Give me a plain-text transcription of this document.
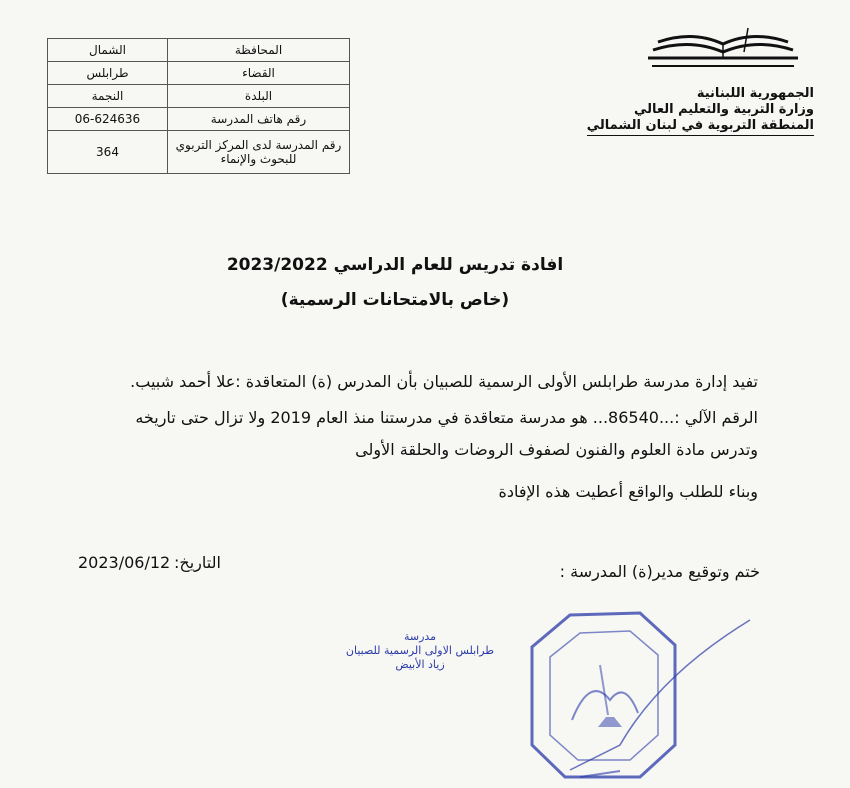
المحافظة	الشمال
القضاء	طرابلس
البلدة	النجمة
رقم هاتف المدرسة	06-624636
رقم المدرسة لدى المركز التربوي للبحوث والإنماء	364
الجمهورية اللبنانية
وزارة التربية والتعليم العالي
المنطقة التربوية في لبنان الشمالي
افادة تدريس للعام الدراسي 2023/2022
(خاص بالامتحانات الرسمية)
تفيد إدارة مدرسة طرابلس الأولى الرسمية للصبيان بأن المدرس (ة) المتعاقدة :علا أحمد شبيب.
الرقم الآلي :...86540... هو مدرسة متعاقدة في مدرستنا منذ العام 2019 ولا تزال حتى تاريخه
وتدرس مادة العلوم والفنون لصفوف الروضات والحلقة الأولى
وبناء للطلب والواقع أعطيت هذه الإفادة
التاريخ:
2023/06/12	ختم وتوقيع مدير(ة) المدرسة :
مدرسة
طرابلس الاولى الرسمية للصبيان
زياد الأبيض
